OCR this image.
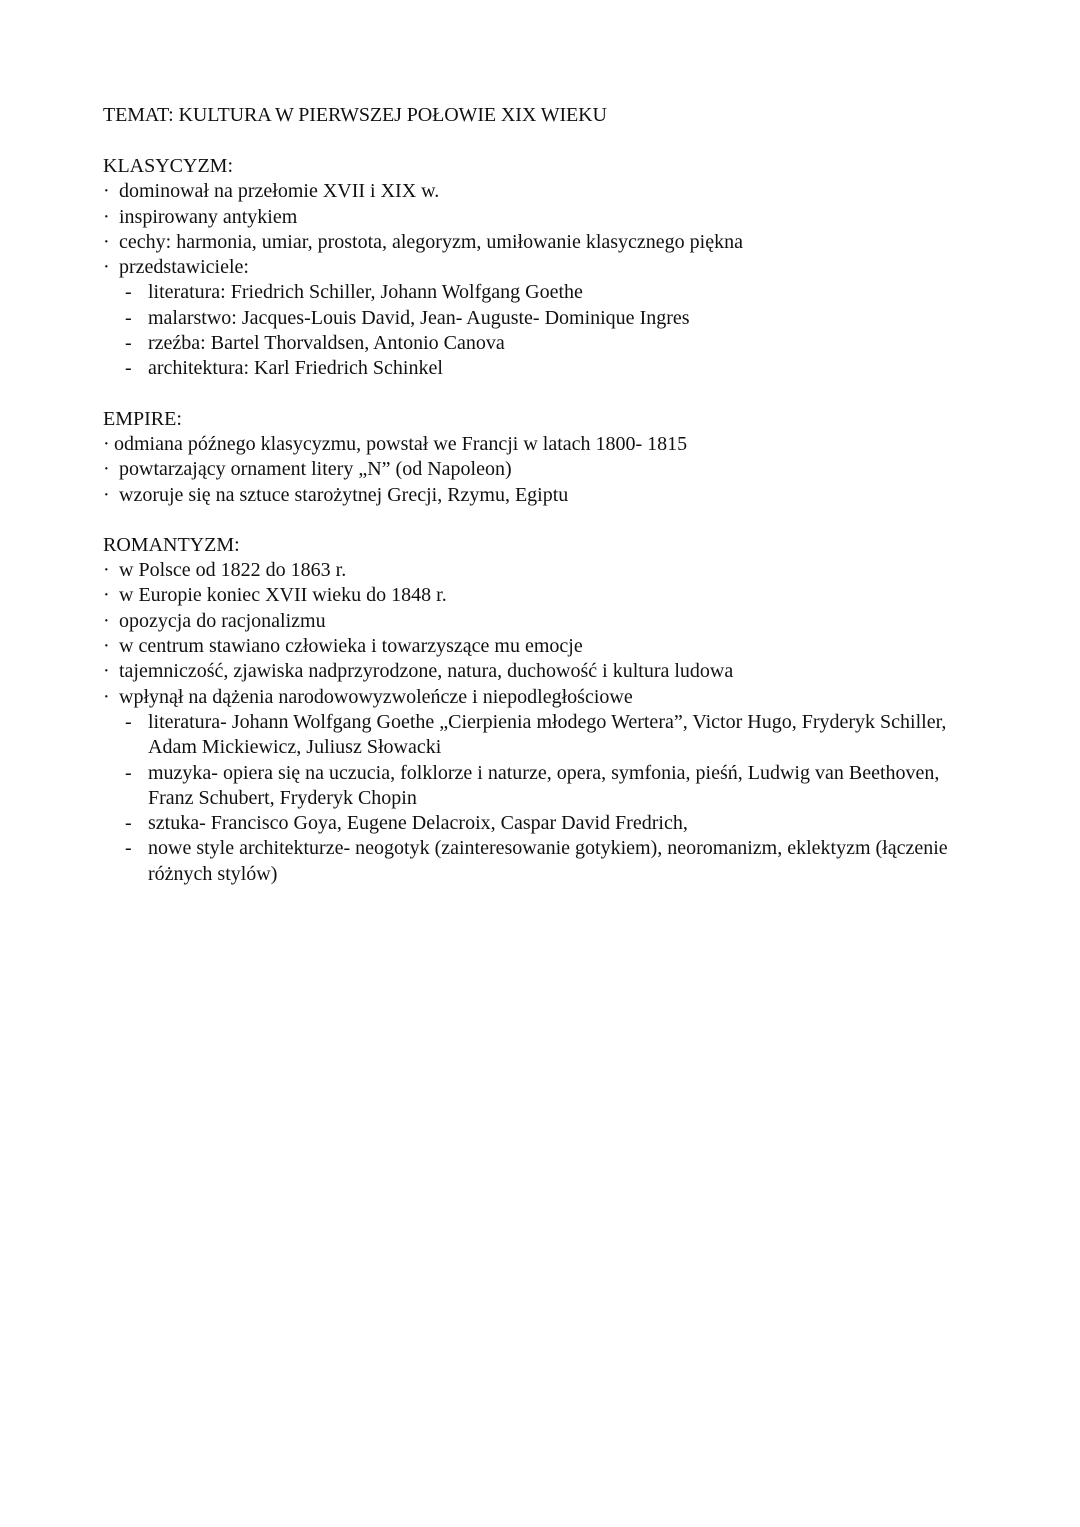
TEMAT: KULTURA W PIERWSZEJ POŁOWIE XIX WIEKU

KLASYCYZM:

· dominował na przełomie XVII i XIX w.
· inspirowany antykiem
· cechy: harmonia, umiar, prostota, alegoryzm, umiłowanie klasycznego piękna
· przedstawiciele:
- literatura: Friedrich Schiller, Johann Wolfgang Goethe
- malarstwo: Jacques-Louis David, Jean- Auguste- Dominique Ingres
- rzeźba: Bartel Thorvaldsen, Antonio Canova
- architektura: Karl Friedrich Schinkel

EMPIRE:

· odmiana późnego klasycyzmu, powstał we Francji w latach 1800- 1815
· powtarzający ornament litery „N” (od Napoleon)
· wzoruje się na sztuce starożytnej Grecji, Rzymu, Egiptu

ROMANTYZM:

· w Polsce od 1822 do 1863 r.
· w Europie koniec XVII wieku do 1848 r.
· opozycja do racjonalizmu
· w centrum stawiano człowieka i towarzyszące mu emocje
· tajemniczość, zjawiska nadprzyrodzone, natura, duchowość i kultura ludowa
· wpłynął na dążenia narodowowyzwoleńcze i niepodległościowe
- literatura- Johann Wolfgang Goethe „Cierpienia młodego Wertera”, Victor Hugo, Fryderyk Schiller, Adam Mickiewicz, Juliusz Słowacki
- muzyka- opiera się na uczucia, folklorze i naturze, opera, symfonia, pieśń, Ludwig van Beethoven, Franz Schubert, Fryderyk Chopin
- sztuka- Francisco Goya, Eugene Delacroix, Caspar David Fredrich,
- nowe style architekturze- neogotyk (zainteresowanie gotykiem), neoromanizm, eklektyzm (łączenie różnych stylów)
